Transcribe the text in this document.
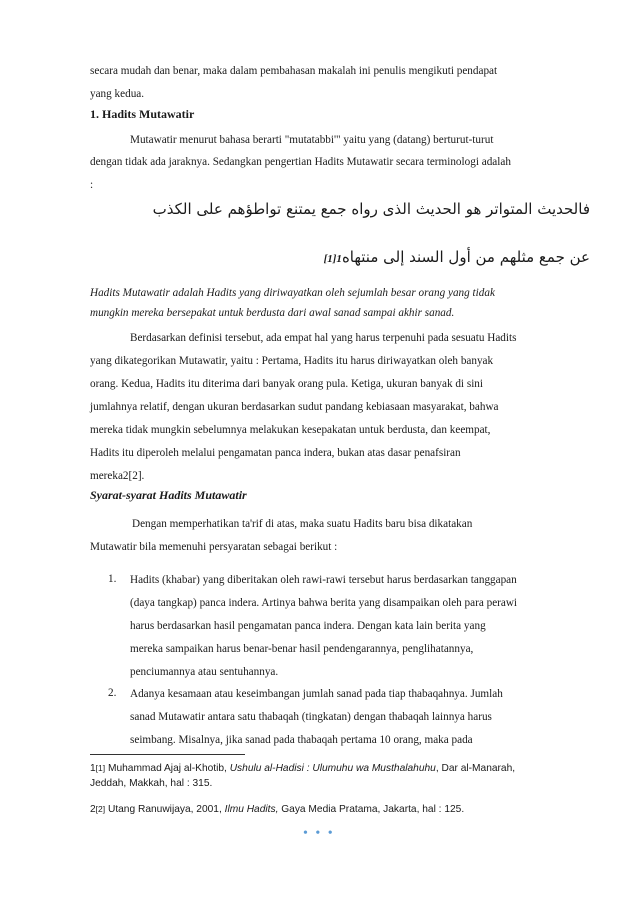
secara mudah dan benar, maka dalam pembahasan makalah ini penulis mengikuti pendapat
yang kedua.
1. Hadits Mutawatir
Mutawatir menurut bahasa berarti "mutatabbi'" yaitu yang (datang) berturut-turut
dengan tidak ada jaraknya. Sedangkan pengertian Hadits Mutawatir secara terminologi adalah
:
فالحديث المتواتر هو الحديث الذى رواه جمع يمتنع تواطؤهم على الكذب
عن جمع مثلهم من أول السند إلى منتهاه[1]1
Hadits Mutawatir adalah Hadits yang diriwayatkan oleh sejumlah besar orang yang tidak
mungkin mereka bersepakat untuk berdusta dari awal sanad sampai akhir sanad.
Berdasarkan definisi tersebut, ada empat hal yang harus terpenuhi pada sesuatu Hadits
yang dikategorikan Mutawatir, yaitu : Pertama, Hadits itu harus diriwayatkan oleh banyak
orang. Kedua, Hadits itu diterima dari banyak orang pula. Ketiga, ukuran banyak di sini
jumlahnya relatif, dengan ukuran berdasarkan sudut pandang kebiasaan masyarakat, bahwa
mereka tidak mungkin sebelumnya melakukan kesepakatan untuk berdusta, dan keempat,
Hadits itu diperoleh melalui pengamatan panca indera, bukan atas dasar penafsiran
mereka2[2].
Syarat-syarat Hadits Mutawatir
Dengan memperhatikan ta'rif di atas, maka suatu Hadits baru bisa dikatakan
Mutawatir bila memenuhi persyaratan sebagai berikut :
1. Hadits (khabar) yang diberitakan oleh rawi-rawi tersebut harus berdasarkan tanggapan
(daya tangkap) panca indera. Artinya bahwa berita yang disampaikan oleh para perawi
harus berdasarkan hasil pengamatan panca indera. Dengan kata lain berita yang
mereka sampaikan harus benar-benar hasil pendengarannya, penglihatannya,
penciumannya atau sentuhannya.
2. Adanya kesamaan atau keseimbangan jumlah sanad pada tiap thabaqahnya. Jumlah
sanad Mutawatir antara satu thabaqah (tingkatan) dengan thabaqah lainnya harus
seimbang. Misalnya, jika sanad pada thabaqah pertama 10 orang, maka pada
1[1] Muhammad Ajaj al-Khotib, Ushulu al-Hadisi : Ulumuhu wa Musthalahuhu, Dar al-Manarah,
Jeddah, Makkah, hal : 315.
2[2] Utang Ranuwijaya, 2001, Ilmu Hadits, Gaya Media Pratama, Jakarta, hal : 125.
• • •
